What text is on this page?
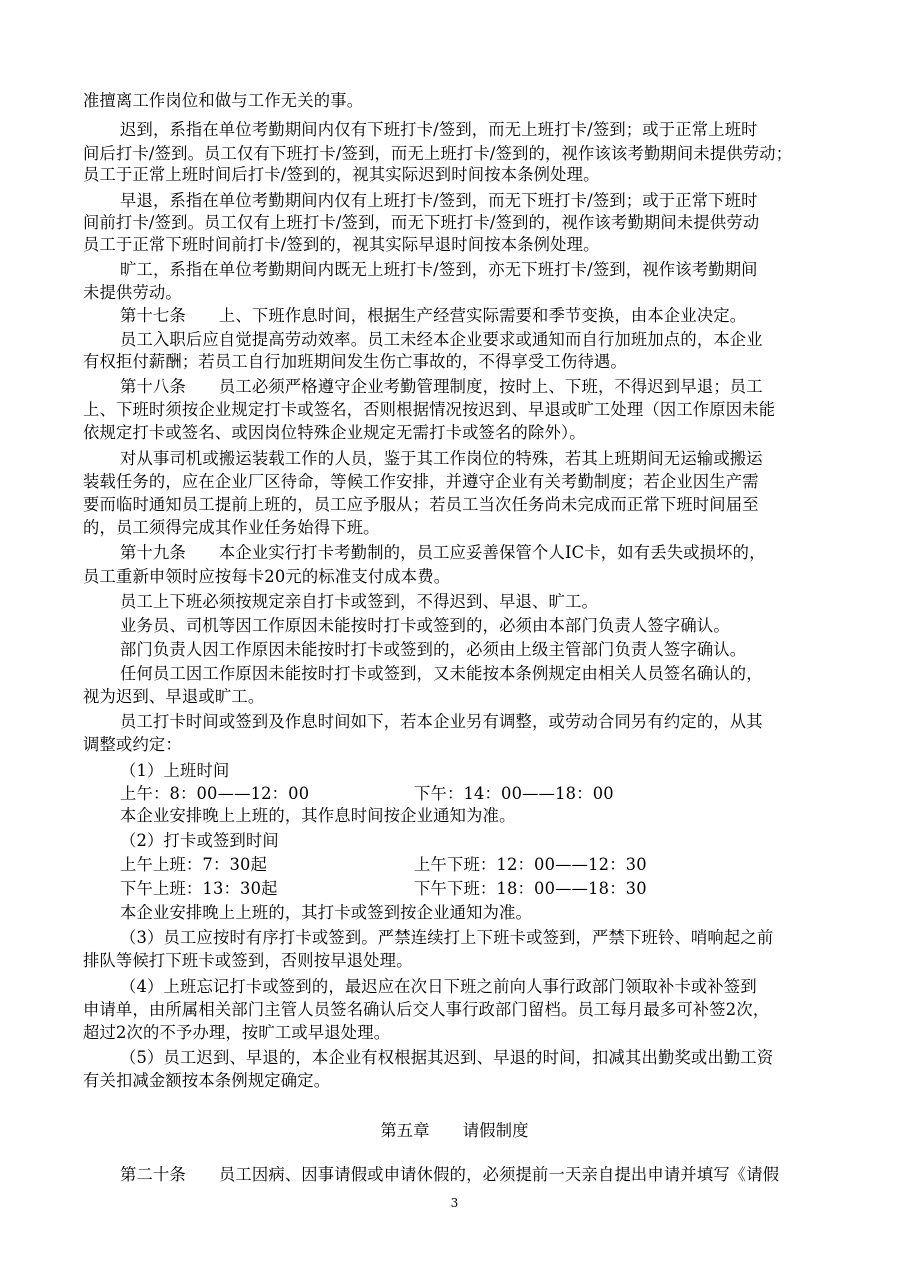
准擅离工作岗位和做与工作无关的事。
迟到，系指在单位考勤期间内仅有下班打卡/签到，而无上班打卡/签到；或于正常上班时
间后打卡/签到。员工仅有下班打卡/签到，而无上班打卡/签到的，视作该该考勤期间未提供劳动；
员工于正常上班时间后打卡/签到的，视其实际迟到时间按本条例处理。
早退，系指在单位考勤期间内仅有上班打卡/签到，而无下班打卡/签到；或于正常下班时
间前打卡/签到。员工仅有上班打卡/签到，而无下班打卡/签到的，视作该考勤期间未提供劳动
员工于正常下班时间前打卡/签到的，视其实际早退时间按本条例处理。
旷工，系指在单位考勤期间内既无上班打卡/签到，亦无下班打卡/签到，视作该考勤期间
未提供劳动。
第十七条　　上、下班作息时间，根据生产经营实际需要和季节变换，由本企业决定。
员工入职后应自觉提高劳动效率。员工未经本企业要求或通知而自行加班加点的，本企业
有权拒付薪酬；若员工自行加班期间发生伤亡事故的，不得享受工伤待遇。
第十八条　　员工必须严格遵守企业考勤管理制度，按时上、下班，不得迟到早退；员工
上、下班时须按企业规定打卡或签名，否则根据情况按迟到、早退或旷工处理（因工作原因未能
依规定打卡或签名、或因岗位特殊企业规定无需打卡或签名的除外）。
对从事司机或搬运装载工作的人员，鉴于其工作岗位的特殊，若其上班期间无运输或搬运
装载任务的，应在企业厂区待命，等候工作安排，并遵守企业有关考勤制度；若企业因生产需
要而临时通知员工提前上班的，员工应予服从；若员工当次任务尚未完成而正常下班时间届至
的，员工须得完成其作业任务始得下班。
第十九条　　本企业实行打卡考勤制的，员工应妥善保管个人IC卡，如有丢失或损坏的，
员工重新申领时应按每卡20元的标准支付成本费。
员工上下班必须按规定亲自打卡或签到，不得迟到、早退、旷工。
业务员、司机等因工作原因未能按时打卡或签到的，必须由本部门负责人签字确认。
部门负责人因工作原因未能按时打卡或签到的，必须由上级主管部门负责人签字确认。
任何员工因工作原因未能按时打卡或签到，又未能按本条例规定由相关人员签名确认的，
视为迟到、早退或旷工。
员工打卡时间或签到及作息时间如下，若本企业另有调整，或劳动合同另有约定的，从其
调整或约定：
（1）上班时间
上午：8：00——12：00	下午：14：00——18：00
本企业安排晚上上班的，其作息时间按企业通知为准。
（2）打卡或签到时间
上午上班：7：30起	上午下班：12：00——12：30
下午上班：13：30起	下午下班：18：00——18：30
本企业安排晚上上班的，其打卡或签到按企业通知为准。
（3）员工应按时有序打卡或签到。严禁连续打上下班卡或签到，严禁下班铃、哨响起之前
排队等候打下班卡或签到，否则按早退处理。
（4）上班忘记打卡或签到的，最迟应在次日下班之前向人事行政部门领取补卡或补签到
申请单，由所属相关部门主管人员签名确认后交人事行政部门留档。员工每月最多可补签2次，
超过2次的不予办理，按旷工或早退处理。
（5）员工迟到、早退的，本企业有权根据其迟到、早退的时间，扣减其出勤奖或出勤工资
有关扣减金额按本条例规定确定。
第五章　　请假制度
第二十条　　员工因病、因事请假或申请休假的，必须提前一天亲自提出申请并填写《请假
3
